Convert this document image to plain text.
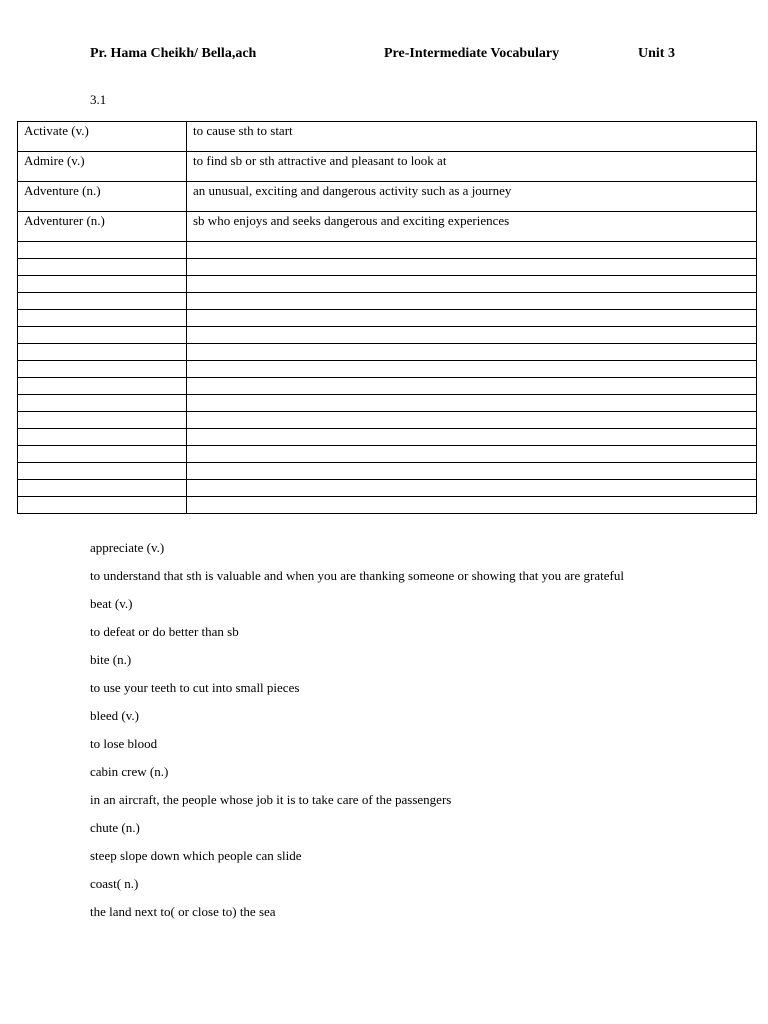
Pr. Hama Cheikh/ Bella,ach	Pre-Intermediate Vocabulary	Unit 3
3.1
Activate (v.)	to cause sth to start
Admire (v.)	to find sb or sth attractive and pleasant to look at
Adventure (n.)	an unusual, exciting and dangerous activity such as a journey
Adventurer (n.)	sb who enjoys and seeks dangerous and exciting experiences

appreciate (v.)
to understand that sth is valuable and when you are thanking someone or showing that you are grateful
beat (v.)
to defeat or do better than sb
bite (n.)
to use your teeth to cut into small pieces
bleed (v.)
to lose blood
cabin crew (n.)
in an aircraft, the people whose job it is to take care of the passengers
chute (n.)
steep slope down which people can slide
coast( n.)
the land next to( or close to) the sea
